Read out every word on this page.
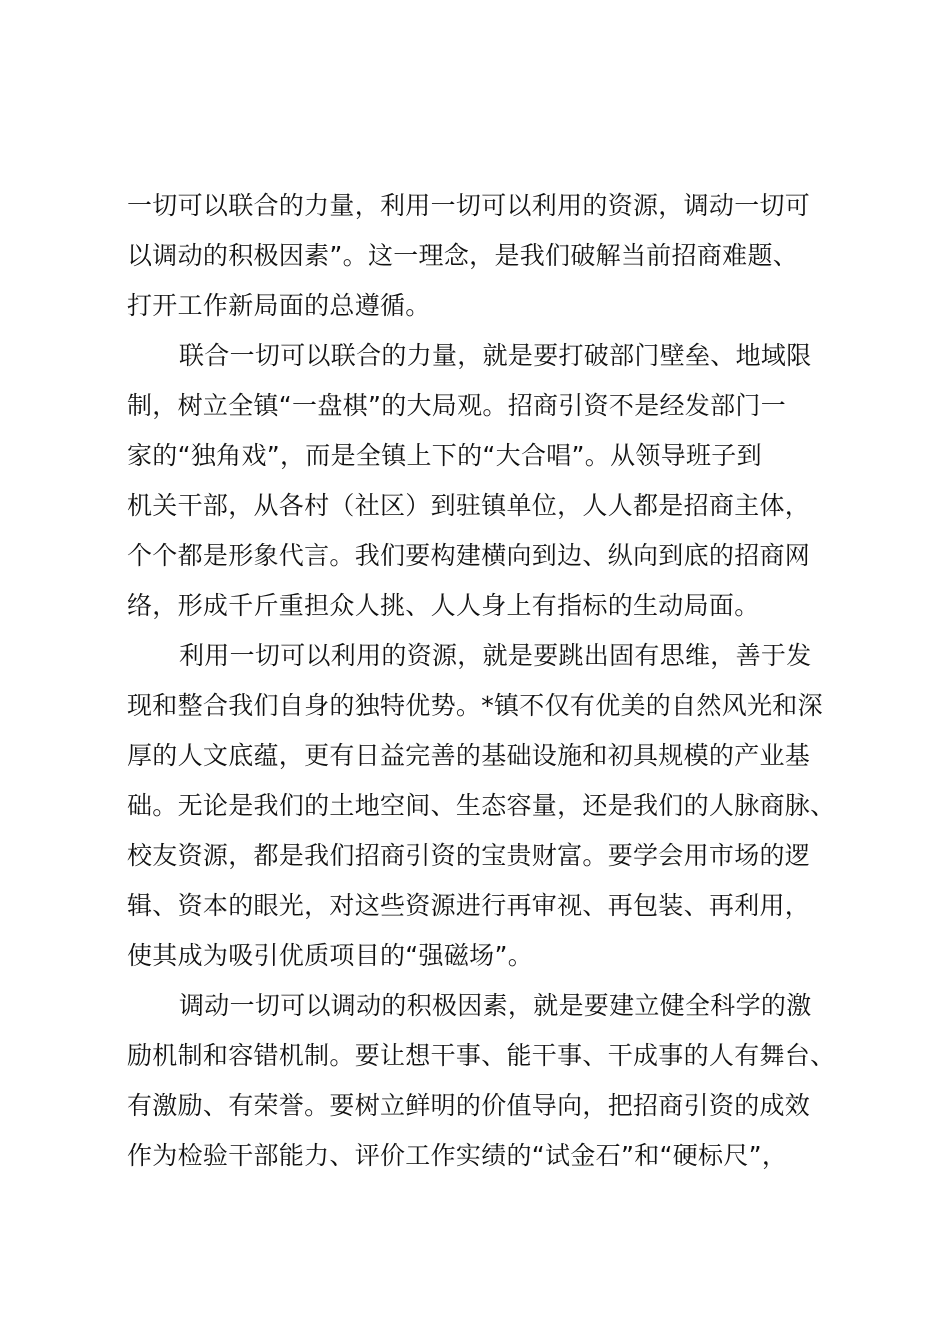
一切可以联合的力量，利用一切可以利用的资源，调动一切可
以调动的积极因素”。这一理念，是我们破解当前招商难题、
打开工作新局面的总遵循。
联合一切可以联合的力量，就是要打破部门壁垒、地域限
制，树立全镇“一盘棋”的大局观。招商引资不是经发部门一
家的“独角戏”，而是全镇上下的“大合唱”。从领导班子到
机关干部，从各村（社区）到驻镇单位，人人都是招商主体，
个个都是形象代言。我们要构建横向到边、纵向到底的招商网
络，形成千斤重担众人挑、人人身上有指标的生动局面。
利用一切可以利用的资源，就是要跳出固有思维，善于发
现和整合我们自身的独特优势。*镇不仅有优美的自然风光和深
厚的人文底蕴，更有日益完善的基础设施和初具规模的产业基
础。无论是我们的土地空间、生态容量，还是我们的人脉商脉、
校友资源，都是我们招商引资的宝贵财富。要学会用市场的逻
辑、资本的眼光，对这些资源进行再审视、再包装、再利用，
使其成为吸引优质项目的“强磁场”。
调动一切可以调动的积极因素，就是要建立健全科学的激
励机制和容错机制。要让想干事、能干事、干成事的人有舞台、
有激励、有荣誉。要树立鲜明的价值导向，把招商引资的成效
作为检验干部能力、评价工作实绩的“试金石”和“硬标尺”，
